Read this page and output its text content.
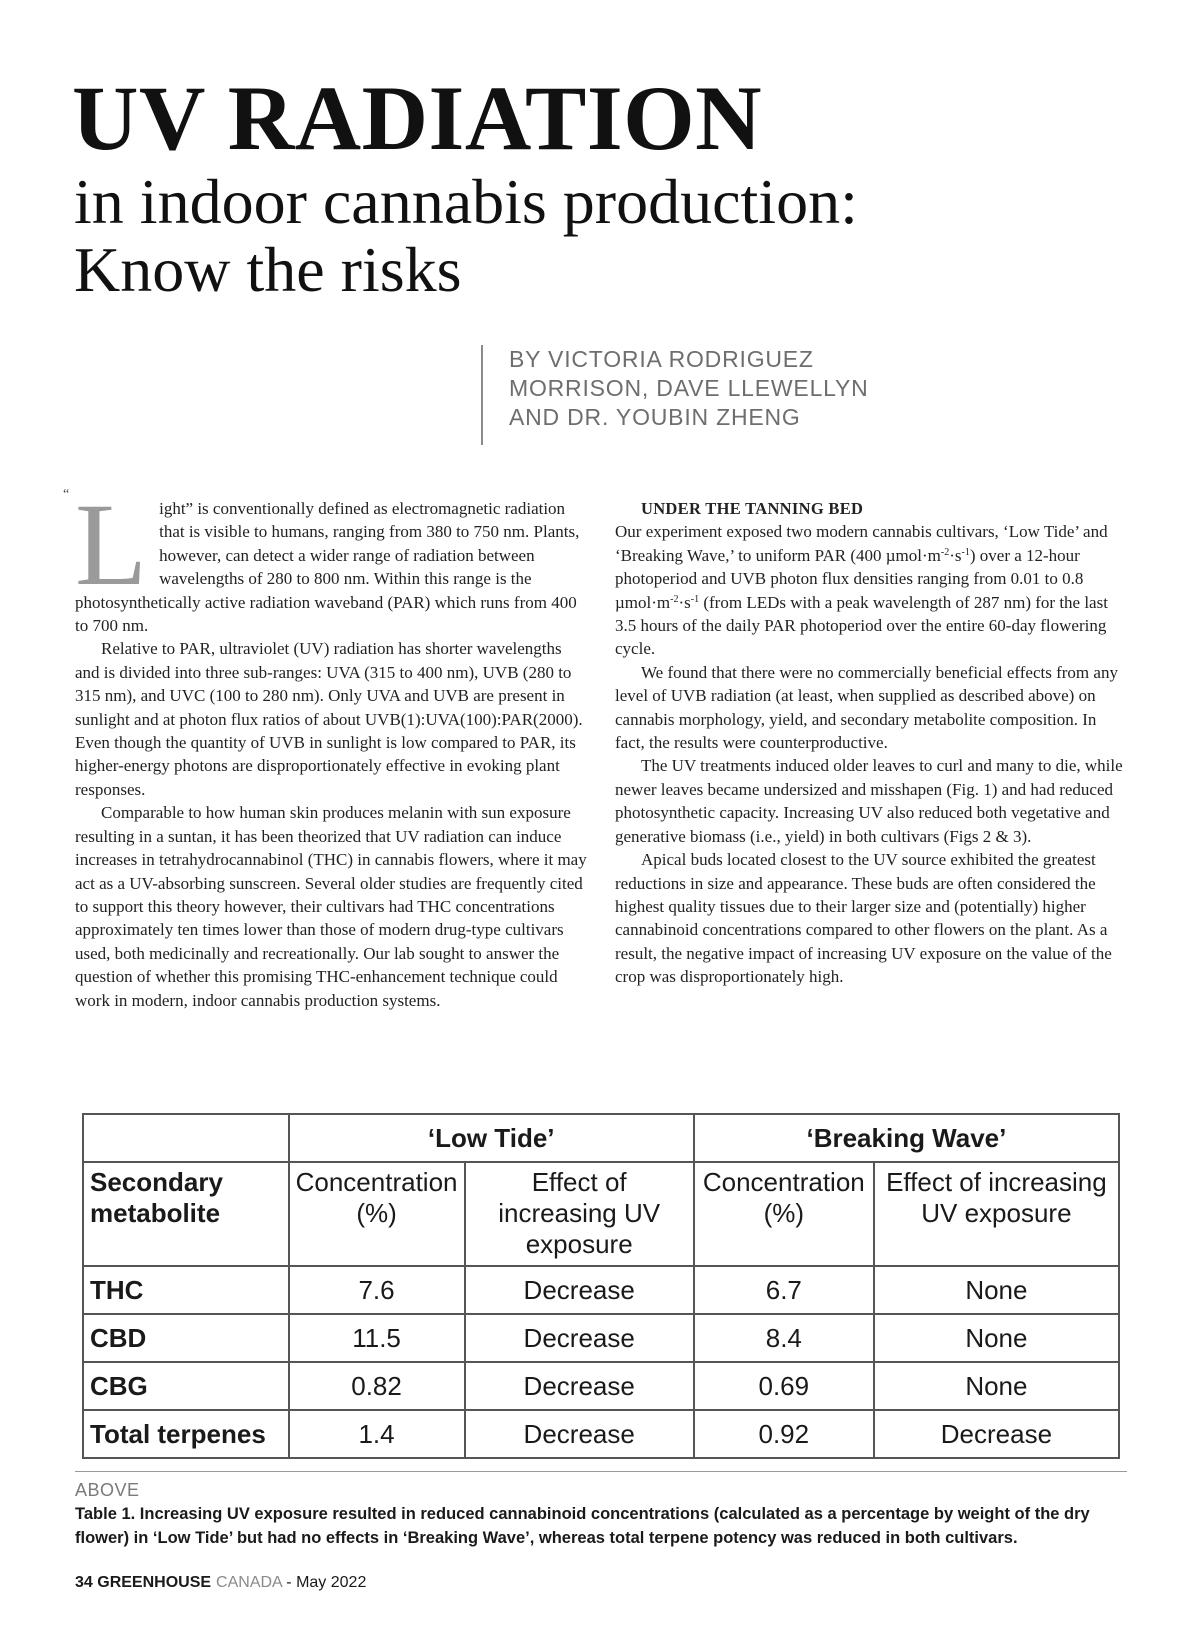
UV RADIATION
in indoor cannabis production:
Know the risks
BY VICTORIA RODRIGUEZ
MORRISON, DAVE LLEWELLYN
AND DR. YOUBIN ZHENG
“ Light” is conventionally defined as electromagnetic radiation that is visible to humans, ranging from 380 to 750 nm. Plants, however, can detect a wider range of radiation between wavelengths of 280 to 800 nm. Within this range is the photosynthetically active radiation waveband (PAR) which runs from 400 to 700 nm.

Relative to PAR, ultraviolet (UV) radiation has shorter wavelengths and is divided into three sub-ranges: UVA (315 to 400 nm), UVB (280 to 315 nm), and UVC (100 to 280 nm). Only UVA and UVB are present in sunlight and at photon flux ratios of about UVB(1):UVA(100):PAR(2000). Even though the quantity of UVB in sunlight is low compared to PAR, its higher-energy photons are disproportionately effective in evoking plant responses.

Comparable to how human skin produces melanin with sun exposure resulting in a suntan, it has been theorized that UV radiation can induce increases in tetrahydrocannabinol (THC) in cannabis flowers, where it may act as a UV-absorbing sunscreen. Several older studies are frequently cited to support this theory however, their cultivars had THC concentrations approximately ten times lower than those of modern drug-type cultivars used, both medicinally and recreationally. Our lab sought to answer the question of whether this promising THC-enhancement technique could work in modern, indoor cannabis production systems.

UNDER THE TANNING BED

Our experiment exposed two modern cannabis cultivars, ‘Low Tide’ and ‘Breaking Wave,’ to uniform PAR (400 $\mu mol\cdot m^{-2}\cdot s^{-1}$) over a 12-hour photoperiod and UVB photon flux densities ranging from 0.01 to 0.8 $\mu mol\cdot m^{-2}\cdot s^{-1}$ (from LEDs with a peak wavelength of 287 nm) for the last 3.5 hours of the daily PAR photoperiod over the entire 60-day flowering cycle.

We found that there were no commercially beneficial effects from any level of UVB radiation (at least, when supplied as described above) on cannabis morphology, yield, and secondary metabolite composition. In fact, the results were counterproductive.

The UV treatments induced older leaves to curl and many to die, while newer leaves became undersized and misshapen (Fig. 1) and had reduced photosynthetic capacity. Increasing UV also reduced both vegetative and generative biomass (i.e., yield) in both cultivars (Figs 2 & 3).

Apical buds located closest to the UV source exhibited the greatest reductions in size and appearance. These buds are often considered the highest quality tissues due to their larger size and (potentially) higher cannabinoid concentrations compared to other flowers on the plant. As a result, the negative impact of increasing UV exposure on the value of the crop was disproportionately high.

	‘Low Tide’		‘Breaking Wave’	
Secondary metabolite	Concentration (%)	Effect of increasing UV exposure	Concentration (%)	Effect of increasing UV exposure
THC	7.6	Decrease	6.7	None
CBD	11.5	Decrease	8.4	None
CBG	0.82	Decrease	0.69	None
Total terpenes	1.4	Decrease	0.92	Decrease
ABOVE
Table 1. Increasing UV exposure resulted in reduced cannabinoid concentrations (calculated as a percentage by weight of the dry flower) in ‘Low Tide’ but had no effects in ‘Breaking Wave’, whereas total terpene potency was reduced in both cultivars.
34 GREENHOUSE CANADA - May 2022
